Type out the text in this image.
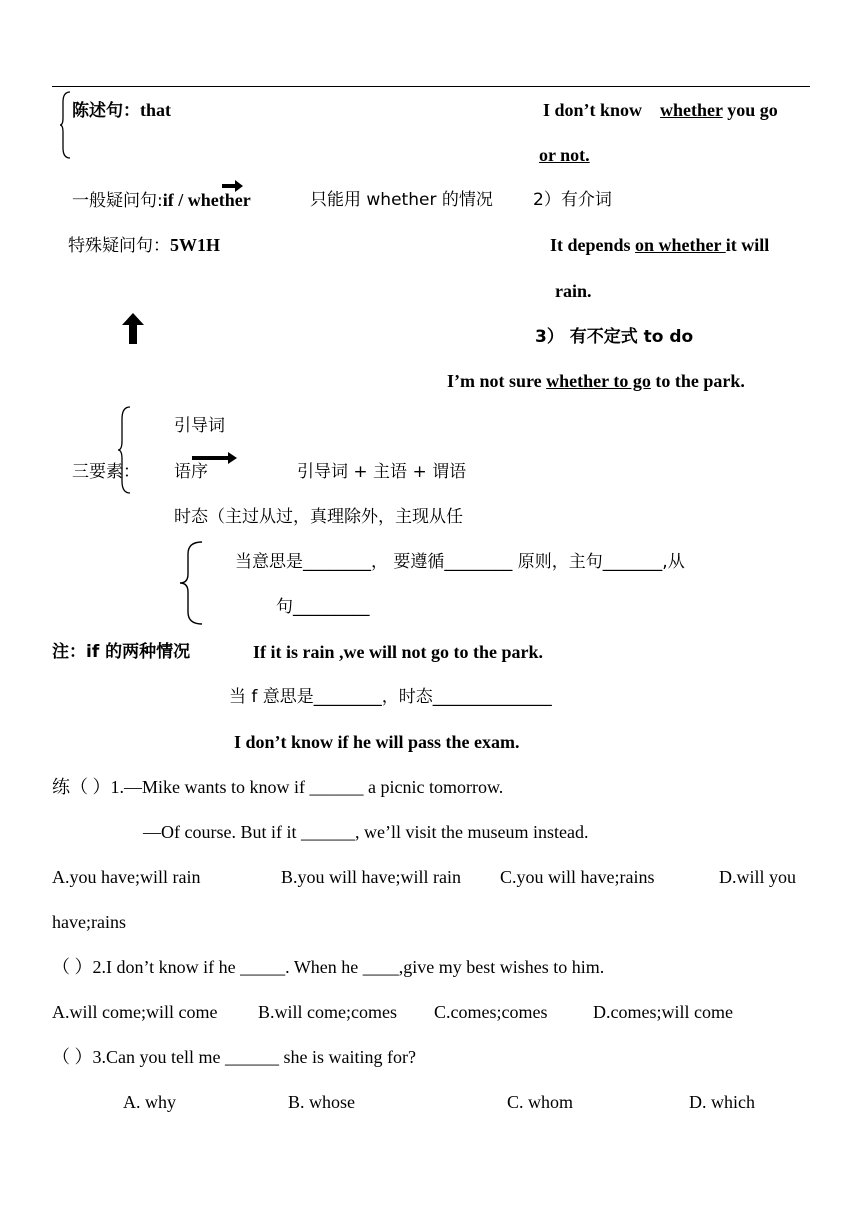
陈述句：that	I don’t know    whether you go
or not.
一般疑问句:if / whether	只能用 whether 的情况 2）有介词
特殊疑问句：5W1H	It depends on whether it will
rain.
3） 有不定式 to do
I’m not sure whether to go to the park.
引导词
三要素： 语序	引导词 + 主语 + 谓语
时态（主过从过，真理除外，主现从任
当意思是________， 要遵循________ 原则，主句_______,从
句_________
注：if 的两种情况	If it is rain ,we will not go to the park.
当 f 意思是________，时态______________
I don’t know if he will pass the exam.
练（ ）1.—Mike wants to know if ______ a picnic tomorrow.
—Of course. But if it ______, we’ll visit the museum instead.
A.you have;will rain	B.you will have;will rain C.you will have;rains	D.will you
have;rains
（ ）2.I don’t know if he _____. When he ____,give my best wishes to him.
A.will come;will come B.will come;comes C.comes;comes	D.comes;will come
（ ）3.Can you tell me ______ she is waiting for?
A. why	B. whose	C. whom	D. which
